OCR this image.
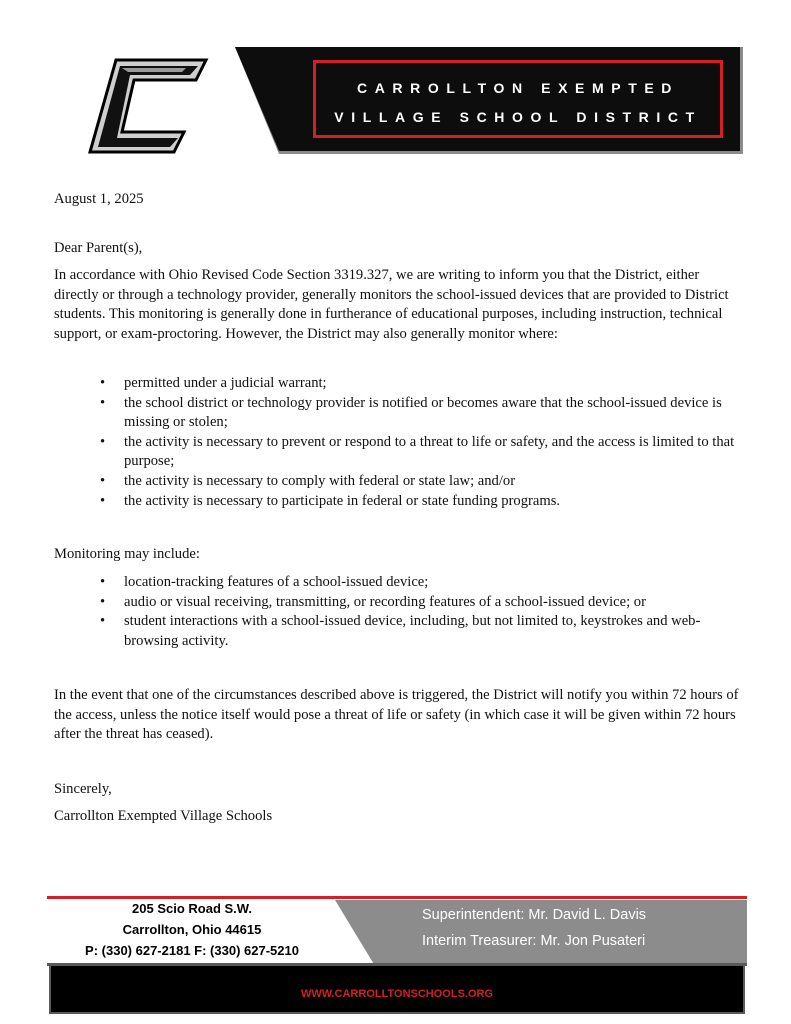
CARROLLTON EXEMPTED
VILLAGE SCHOOL DISTRICT
August 1, 2025
Dear Parent(s),
In accordance with Ohio Revised Code Section 3319.327, we are writing to inform you that the District, either directly or through a technology provider, generally monitors the school-issued devices that are provided to District students. This monitoring is generally done in furtherance of educational purposes, including instruction, technical support, or exam-proctoring. However, the District may also generally monitor where:
• permitted under a judicial warrant;
• the school district or technology provider is notified or becomes aware that the school-issued device is missing or stolen;
• the activity is necessary to prevent or respond to a threat to life or safety, and the access is limited to that purpose;
• the activity is necessary to comply with federal or state law; and/or
• the activity is necessary to participate in federal or state funding programs.
Monitoring may include:
• location-tracking features of a school-issued device;
• audio or visual receiving, transmitting, or recording features of a school-issued device; or
• student interactions with a school-issued device, including, but not limited to, keystrokes and web-browsing activity.
In the event that one of the circumstances described above is triggered, the District will notify you within 72 hours of the access, unless the notice itself would pose a threat of life or safety (in which case it will be given within 72 hours after the threat has ceased).
Sincerely,
Carrollton Exempted Village Schools
205 Scio Road S.W.
Carrollton, Ohio 44615
P: (330) 627-2181 F: (330) 627-5210
Superintendent: Mr. David L. Davis
Interim Treasurer: Mr. Jon Pusateri
WWW.CARROLLTONSCHOOLS.ORG
